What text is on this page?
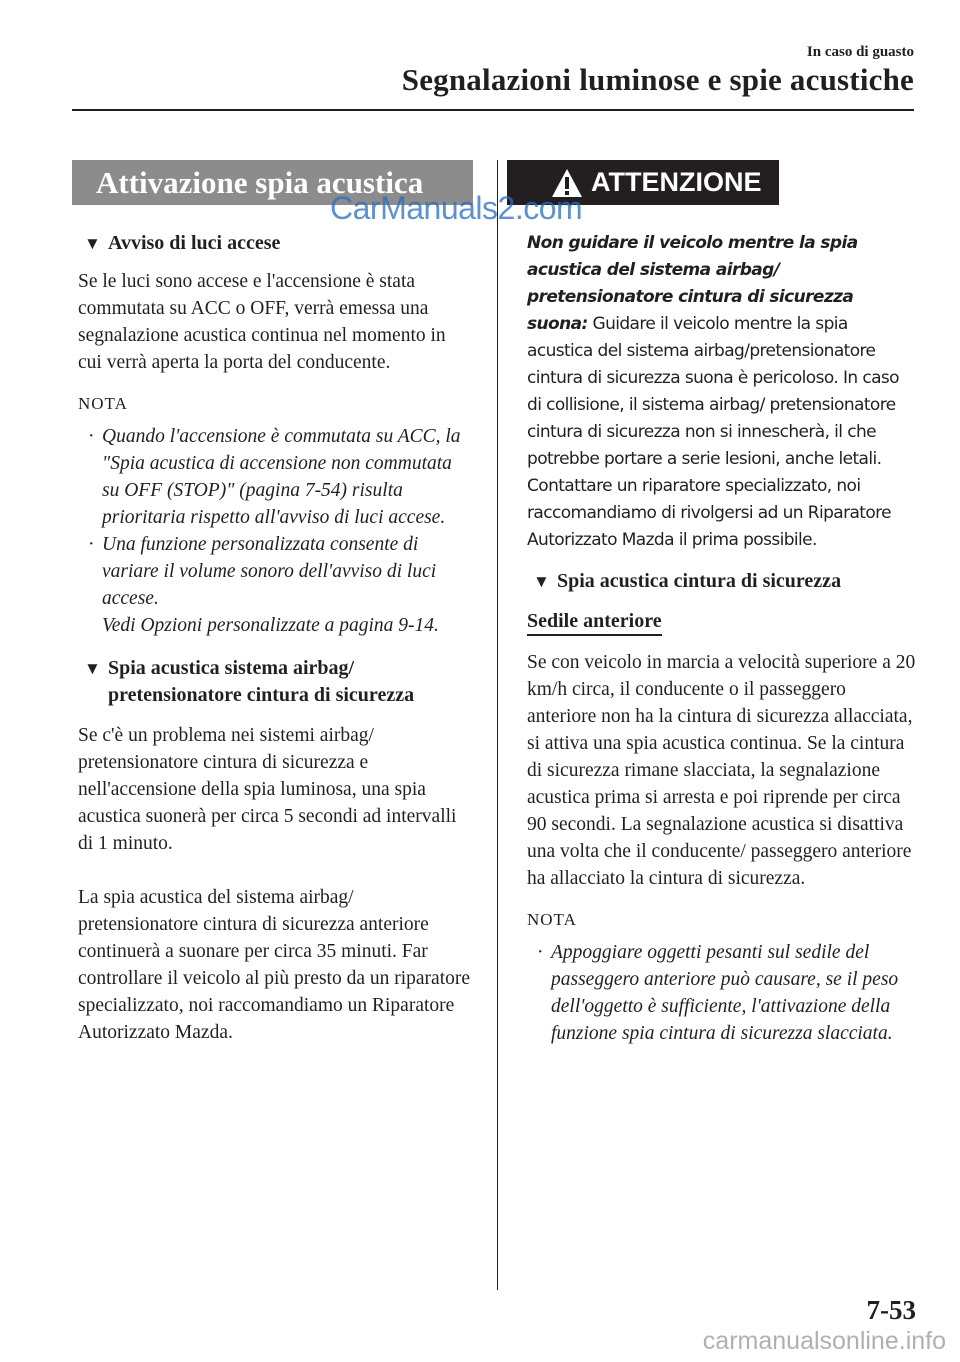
In caso di guasto
Segnalazioni luminose e spie acustiche
Attivazione spia acustica
▼ Avviso di luci accese
Se le luci sono accese e l'accensione è stata commutata su ACC o OFF, verrà emessa una segnalazione acustica continua nel momento in cui verrà aperta la porta del conducente.
NOTA
· Quando l'accensione è commutata su ACC, la "Spia acustica di accensione non commutata su OFF (STOP)" (pagina 7-54) risulta prioritaria rispetto all'avviso di luci accese.
· Una funzione personalizzata consente di variare il volume sonoro dell'avviso di luci accese.
Vedi Opzioni personalizzate a pagina 9-14.
▼ Spia acustica sistema airbag/ pretensionatore cintura di sicurezza
Se c'è un problema nei sistemi airbag/ pretensionatore cintura di sicurezza e nell'accensione della spia luminosa, una spia acustica suonerà per circa 5 secondi ad intervalli di 1 minuto.
La spia acustica del sistema airbag/ pretensionatore cintura di sicurezza anteriore continuerà a suonare per circa 35 minuti. Far controllare il veicolo al più presto da un riparatore specializzato, noi raccomandiamo un Riparatore Autorizzato Mazda.
ATTENZIONE
Non guidare il veicolo mentre la spia acustica del sistema airbag/ pretensionatore cintura di sicurezza suona: Guidare il veicolo mentre la spia acustica del sistema airbag/pretensionatore cintura di sicurezza suona è pericoloso. In caso di collisione, il sistema airbag/ pretensionatore cintura di sicurezza non si innescherà, il che potrebbe portare a serie lesioni, anche letali. Contattare un riparatore specializzato, noi raccomandiamo di rivolgersi ad un Riparatore Autorizzato Mazda il prima possibile.
▼ Spia acustica cintura di sicurezza
Sedile anteriore
Se con veicolo in marcia a velocità superiore a 20 km/h circa, il conducente o il passeggero anteriore non ha la cintura di sicurezza allacciata, si attiva una spia acustica continua. Se la cintura di sicurezza rimane slacciata, la segnalazione acustica prima si arresta e poi riprende per circa 90 secondi. La segnalazione acustica si disattiva una volta che il conducente/ passeggero anteriore ha allacciato la cintura di sicurezza.
NOTA
· Appoggiare oggetti pesanti sul sedile del passeggero anteriore può causare, se il peso dell'oggetto è sufficiente, l'attivazione della funzione spia cintura di sicurezza slacciata.
7-53
CarManuals2.com
carmanualsonline.info
